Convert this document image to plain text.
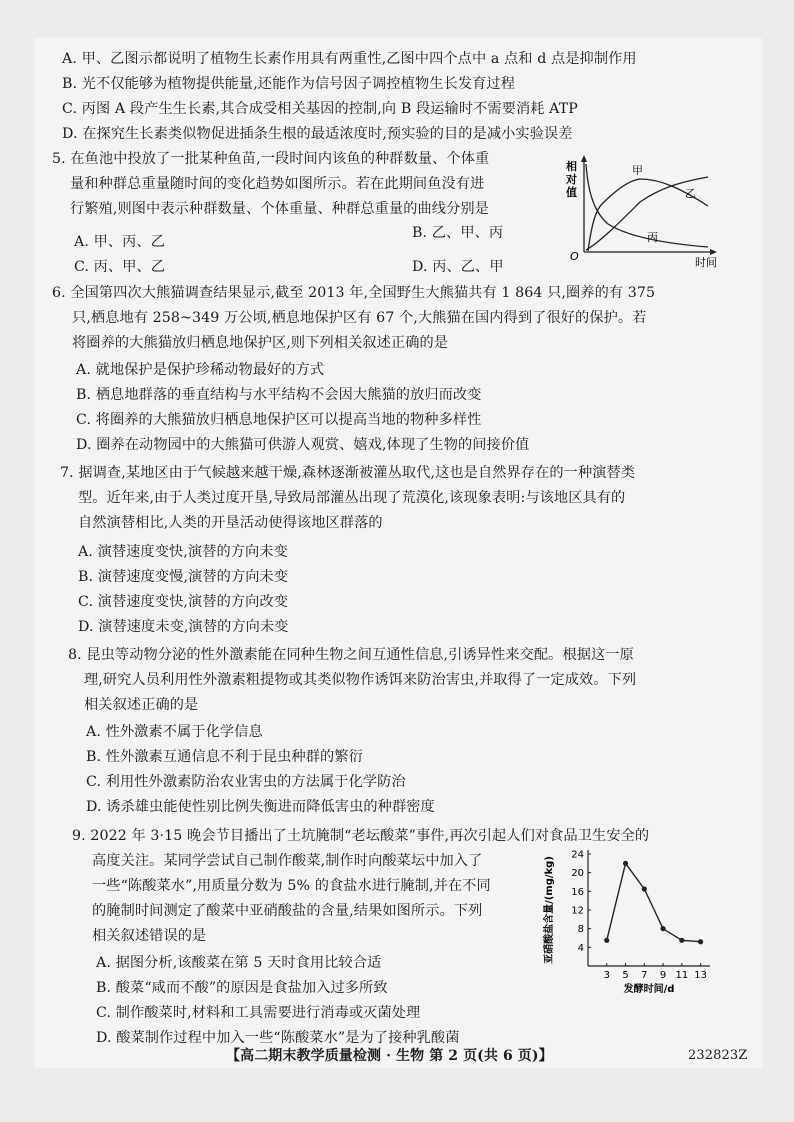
A. 甲、乙图示都说明了植物生长素作用具有两重性,乙图中四个点中 a 点和 d 点是抑制作用
B. 光不仅能够为植物提供能量,还能作为信号因子调控植物生长发育过程
C. 丙图 A 段产生生长素,其合成受相关基因的控制,向 B 段运输时不需要消耗 ATP
D. 在探究生长素类似物促进插条生根的最适浓度时,预实验的目的是减小实验误差
5. 在鱼池中投放了一批某种鱼苗,一段时间内该鱼的种群数量、个体重
量和种群总重量随时间的变化趋势如图所示。若在此期间鱼没有进
行繁殖,则图中表示种群数量、个体重量、种群总重量的曲线分别是
A. 甲、丙、乙
B. 乙、甲、丙
C. 丙、甲、乙	D. 丙、乙、甲
相
对
值
O	时间
甲
乙
丙
6. 全国第四次大熊猫调查结果显示,截至 2013 年,全国野生大熊猫共有 1 864 只,圈养的有 375
只,栖息地有 258~349 万公顷,栖息地保护区有 67 个,大熊猫在国内得到了很好的保护。若
将圈养的大熊猫放归栖息地保护区,则下列相关叙述正确的是
A. 就地保护是保护珍稀动物最好的方式
B. 栖息地群落的垂直结构与水平结构不会因大熊猫的放归而改变
C. 将圈养的大熊猫放归栖息地保护区可以提高当地的物种多样性
D. 圈养在动物园中的大熊猫可供游人观赏、嬉戏,体现了生物的间接价值
7. 据调查,某地区由于气候越来越干燥,森林逐渐被灌丛取代,这也是自然界存在的一种演替类
型。近年来,由于人类过度开垦,导致局部灌丛出现了荒漠化,该现象表明:与该地区具有的
自然演替相比,人类的开垦活动使得该地区群落的
A. 演替速度变快,演替的方向未变
B. 演替速度变慢,演替的方向未变
C. 演替速度变快,演替的方向改变
D. 演替速度未变,演替的方向未变
8. 昆虫等动物分泌的性外激素能在同种生物之间互通性信息,引诱异性来交配。根据这一原
理,研究人员利用性外激素粗提物或其类似物作诱饵来防治害虫,并取得了一定成效。下列
相关叙述正确的是
A. 性外激素不属于化学信息
B. 性外激素互通信息不利于昆虫种群的繁衍
C. 利用性外激素防治农业害虫的方法属于化学防治
D. 诱杀雄虫能使性别比例失衡进而降低害虫的种群密度
9. 2022 年 3·15 晚会节目播出了土坑腌制“老坛酸菜”事件,再次引起人们对食品卫生安全的
高度关注。某同学尝试自己制作酸菜,制作时向酸菜坛中加入了
一些“陈酸菜水”,用质量分数为 5% 的食盐水进行腌制,并在不同
的腌制时间测定了酸菜中亚硝酸盐的含量,结果如图所示。下列
相关叙述错误的是
A. 据图分析,该酸菜在第 5 天时食用比较合适
B. 酸菜“咸而不酸”的原因是食盐加入过多所致
C. 制作酸菜时,材料和工具需要进行消毒或灭菌处理
D. 酸菜制作过程中加入一些“陈酸菜水”是为了接种乳酸菌
4
8
12
16
20
24
3 5 7 9 11 13
亚硝酸盐含量/(mg/kg)
发酵时间/d
【高二期末教学质量检测 · 生物 第 2 页(共 6 页)】	232823Z
